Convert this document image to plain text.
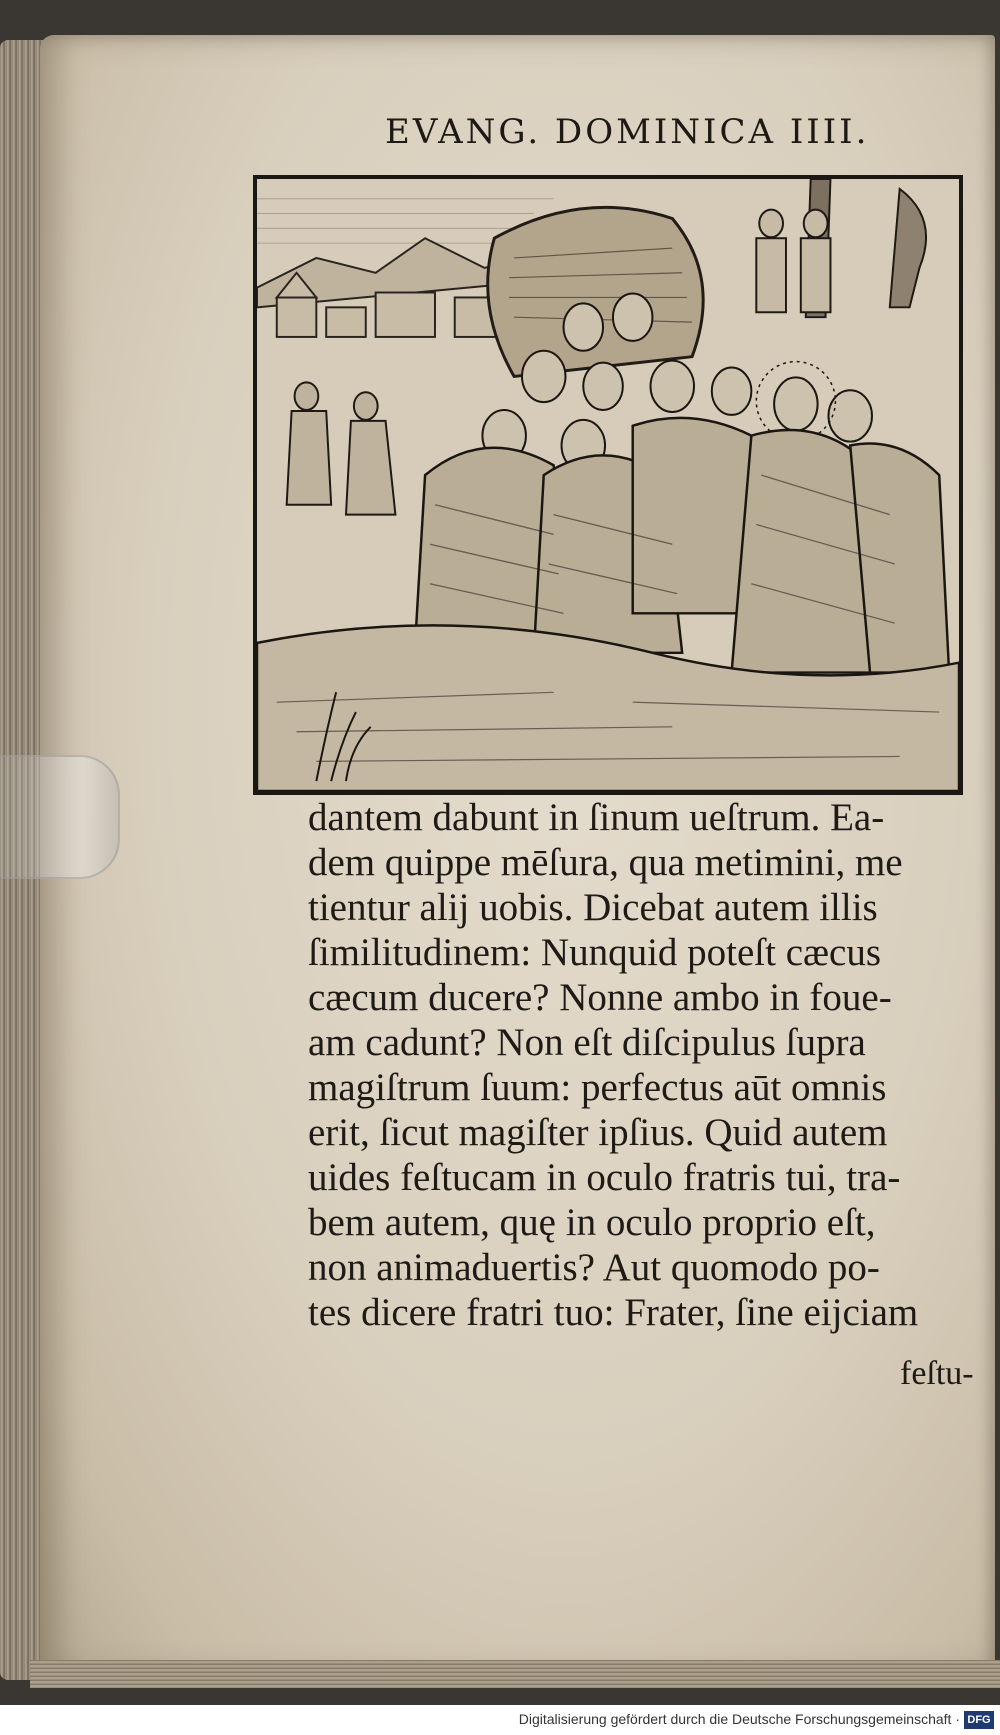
EVANG. DOMINICA IIII.
dantem dabunt in ſinum ueſtrum. Ea-
dem quippe mēſura, qua metimini, me
tientur alij uobis. Dicebat autem illis
ſimilitudinem: Nunquid poteſt cæcus
cæcum ducere? Nonne ambo in foue-
am cadunt? Non eſt diſcipulus ſupra
magiſtrum ſuum: perfectus aūt omnis
erit, ſicut magiſter ipſius. Quid autem
uides feſtucam in oculo fratris tui, tra-
bem autem, quę in oculo proprio eſt,
non animaduertis? Aut quomodo po-
tes dicere fratri tuo: Frater, ſine eijciam
feſtu-
Digitalisierung gefördert durch die Deutsche Forschungsgemeinschaft · DFG
